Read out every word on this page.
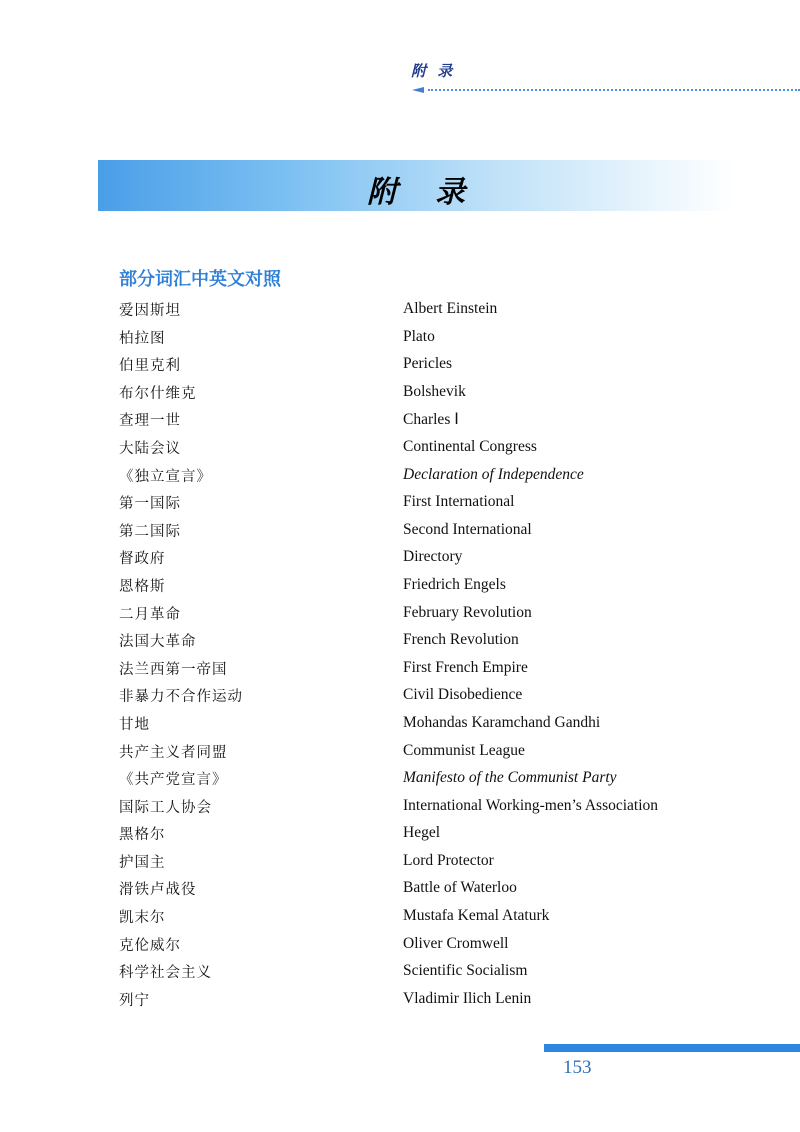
附 录
附录
部分词汇中英文对照
爱因斯坦	Albert Einstein
柏拉图	Plato
伯里克利	Pericles
布尔什维克	Bolshevik
查理一世	Charles Ⅰ
大陆会议	Continental Congress
《独立宣言》	Declaration of Independence
第一国际	First International
第二国际	Second International
督政府	Directory
恩格斯	Friedrich Engels
二月革命	February Revolution
法国大革命	French Revolution
法兰西第一帝国	First French Empire
非暴力不合作运动	Civil Disobedience
甘地	Mohandas Karamchand Gandhi
共产主义者同盟	Communist League
《共产党宣言》	Manifesto of the Communist Party
国际工人协会	International Working-men’s Association
黑格尔	Hegel
护国主	Lord Protector
滑铁卢战役	Battle of Waterloo
凯末尔	Mustafa Kemal Ataturk
克伦威尔	Oliver Cromwell
科学社会主义	Scientific Socialism
列宁	Vladimir Ilich Lenin
153
